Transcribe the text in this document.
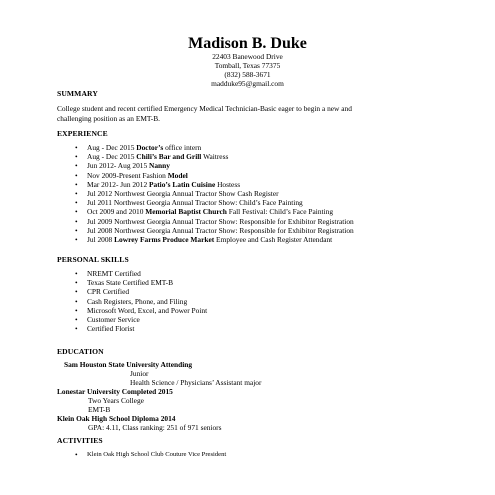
Madison B. Duke
22403 Banewood Drive
Tomball, Texas 77375
(832) 588-3671
madduke95@gmail.com
SUMMARY
College student and recent certified Emergency Medical Technician-Basic eager to begin a new and
challenging position as an EMT-B.
EXPERIENCE
• Aug - Dec 2015 Doctor’s office intern
• Aug - Dec 2015 Chili’s Bar and Grill Waitress
• Jun 2012- Aug 2015 Nanny
• Nov 2009-Present Fashion Model
• Mar 2012- Jun 2012 Patio’s Latin Cuisine Hostess
• Jul 2012 Northwest Georgia Annual Tractor Show Cash Register
• Jul 2011 Northwest Georgia Annual Tractor Show: Child’s Face Painting
• Oct 2009 and 2010 Memorial Baptist Church Fall Festival: Child’s Face Painting
• Jul 2009 Northwest Georgia Annual Tractor Show: Responsible for Exhibitor Registration
• Jul 2008 Northwest Georgia Annual Tractor Show: Responsible for Exhibitor Registration
• Jul 2008 Lowrey Farms Produce Market Employee and Cash Register Attendant
PERSONAL SKILLS
• NREMT Certified
• Texas State Certified EMT-B
• CPR Certified
• Cash Registers, Phone, and Filing
• Microsoft Word, Excel, and Power Point
• Customer Service
• Certified Florist
EDUCATION
Sam Houston State University Attending
Junior
Health Science / Physicians’ Assistant major
Lonestar University Completed 2015
Two Years College
EMT-B
Klein Oak High School Diploma 2014
GPA: 4.11, Class ranking: 251 of 971 seniors
ACTIVITIES
• Klein Oak High School Club Couture Vice President
